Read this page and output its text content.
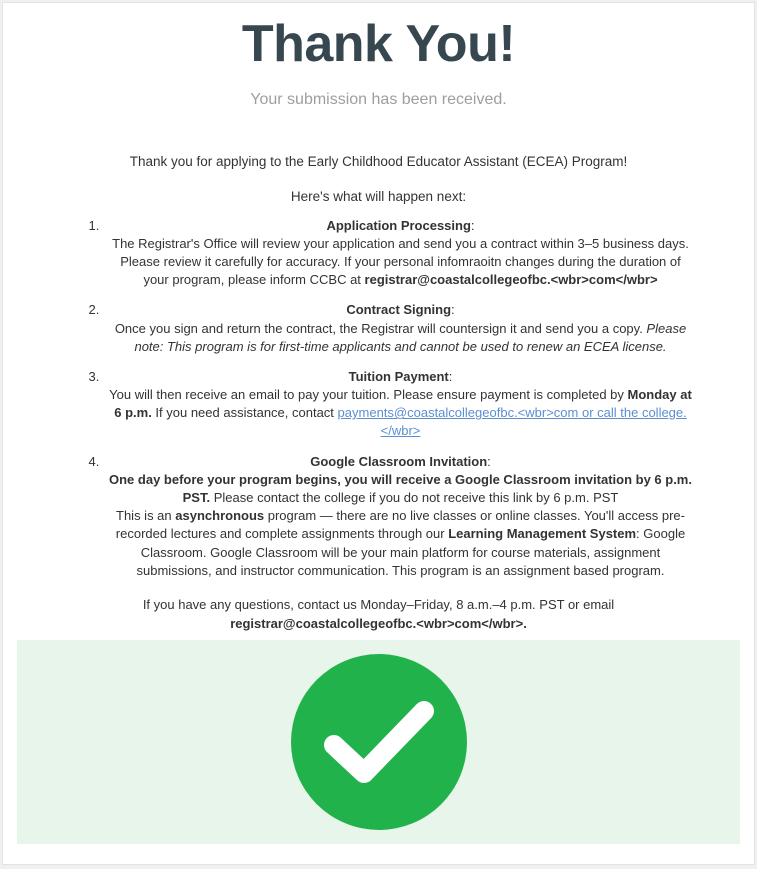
Thank You!
Your submission has been received.

Thank you for applying to the Early Childhood Educator Assistant (ECEA) Program!

Here's what will happen next:

1. Application Processing:
The Registrar's Office will review your application and send you a contract within 3–5 business days. Please review it carefully for accuracy. If your personal infomraoitn changes during the duration of your program, please inform CCBC at registrar@coastalcollegeofbc.<wbr>com</wbr>
2. Contract Signing:
Once you sign and return the contract, the Registrar will countersign it and send you a copy. Please note: This program is for first-time applicants and cannot be used to renew an ECEA license.
3. Tuition Payment:
You will then receive an email to pay your tuition. Please ensure payment is completed by Monday at 6 p.m. If you need assistance, contact payments@coastalcollegeofbc.<wbr>com or call the college. </wbr>
4. Google Classroom Invitation:
One day before your program begins, you will receive a Google Classroom invitation by 6 p.m. PST. Please contact the college if you do not receive this link by 6 p.m. PST
This is an asynchronous program — there are no live classes or online classes. You'll access pre-recorded lectures and complete assignments through our Learning Management System: Google Classroom. Google Classroom will be your main platform for course materials, assignment submissions, and instructor communication. This program is an assignment based program.

If you have any questions, contact us Monday–Friday, 8 a.m.–4 p.m. PST or email registrar@coastalcollegeofbc.<wbr>com</wbr>.
